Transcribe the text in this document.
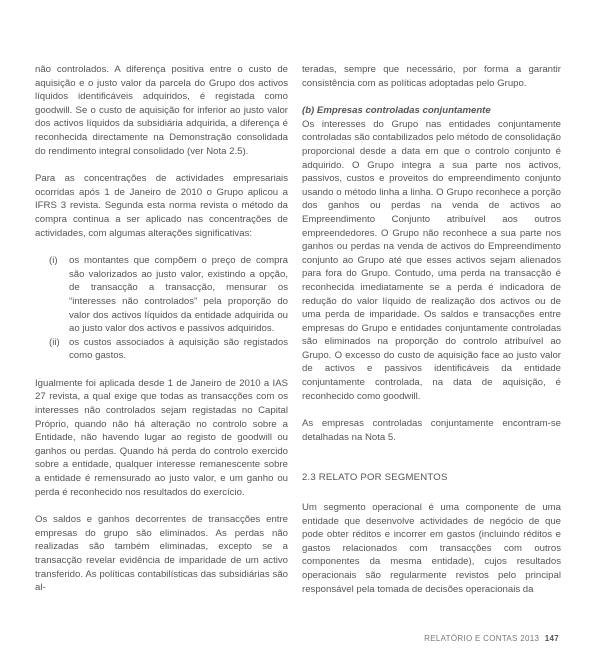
não controlados. A diferença positiva entre o custo de aquisição e o justo valor da parcela do Grupo dos activos líquidos identificáveis adquiridos, é registada como goodwill. Se o custo de aquisição for inferior ao justo valor dos activos líquidos da subsidiária adquirida, a diferença é reconhecida directamente na Demonstração consolidada do rendimento integral consolidado (ver Nota 2.5).

Para as concentrações de actividades empresariais ocorridas após 1 de Janeiro de 2010 o Grupo aplicou a IFRS 3 revista. Segunda esta norma revista o método da compra continua a ser aplicado nas concentrações de actividades, com algumas alterações significativas:

(i)	os montantes que compõem o preço de compra são valorizados ao justo valor, existindo a opção, de transacção a transacção, mensurar os “interesses não controlados” pela proporção do valor dos activos líquidos da entidade adquirida ou ao justo valor dos activos e passivos adquiridos.
(ii) os custos associados à aquisição são registados como gastos.

Igualmente foi aplicada desde 1 de Janeiro de 2010 a IAS 27 revista, a qual exige que todas as transacções com os interesses não controlados sejam registadas no Capital Próprio, quando não há alteração no controlo sobre a Entidade, não havendo lugar ao registo de goodwill ou ganhos ou perdas. Quando há perda do controlo exercido sobre a entidade, qualquer interesse remanescente sobre a entidade é remensurado ao justo valor, e um ganho ou perda é reconhecido nos resultados do exercício.

Os saldos e ganhos decorrentes de transacções entre empresas do grupo são eliminados. As perdas não realizadas são também eliminadas, excepto se a transacção revelar evidência de imparidade de um activo transferido. As políticas contabilísticas das subsidiárias são al-

teradas, sempre que necessário, por forma a garantir consistência com as políticas adoptadas pelo Grupo.

(b) Empresas controladas conjuntamente

Os interesses do Grupo nas entidades conjuntamente controladas são contabilizados pelo método de consolidação proporcional desde a data em que o controlo conjunto é adquirido. O Grupo integra a sua parte nos activos, passivos, custos e proveitos do empreendimento conjunto usando o método linha a linha. O Grupo reconhece a porção dos ganhos ou perdas na venda de activos ao Empreendimento Conjunto atribuível aos outros empreendedores. O Grupo não reconhece a sua parte nos ganhos ou perdas na venda de activos do Empreendimento conjunto ao Grupo até que esses activos sejam alienados para fora do Grupo. Contudo, uma perda na transacção é reconhecida imediatamente se a perda é indicadora de redução do valor líquido de realização dos activos ou de uma perda de imparidade. Os saldos e transacções entre empresas do Grupo e entidades conjuntamente controladas são eliminados na proporção do controlo atribuível ao Grupo. O excesso do custo de aquisição face ao justo valor de activos e passivos identificáveis da entidade conjuntamente controlada, na data de aquisição, é reconhecido como goodwill.

As empresas controladas conjuntamente encontram-se detalhadas na Nota 5.

2.3 RELATO POR SEGMENTOS

Um segmento operacional é uma componente de uma entidade que desenvolve actividades de negócio de que pode obter réditos e incorrer em gastos (incluindo réditos e gastos relacionados com transacções com outros componentes da mesma entidade), cujos resultados operacionais são regularmente revistos pelo principal responsável pela tomada de decisões operacionais da

RELATÓRIO E CONTAS 2013 147
